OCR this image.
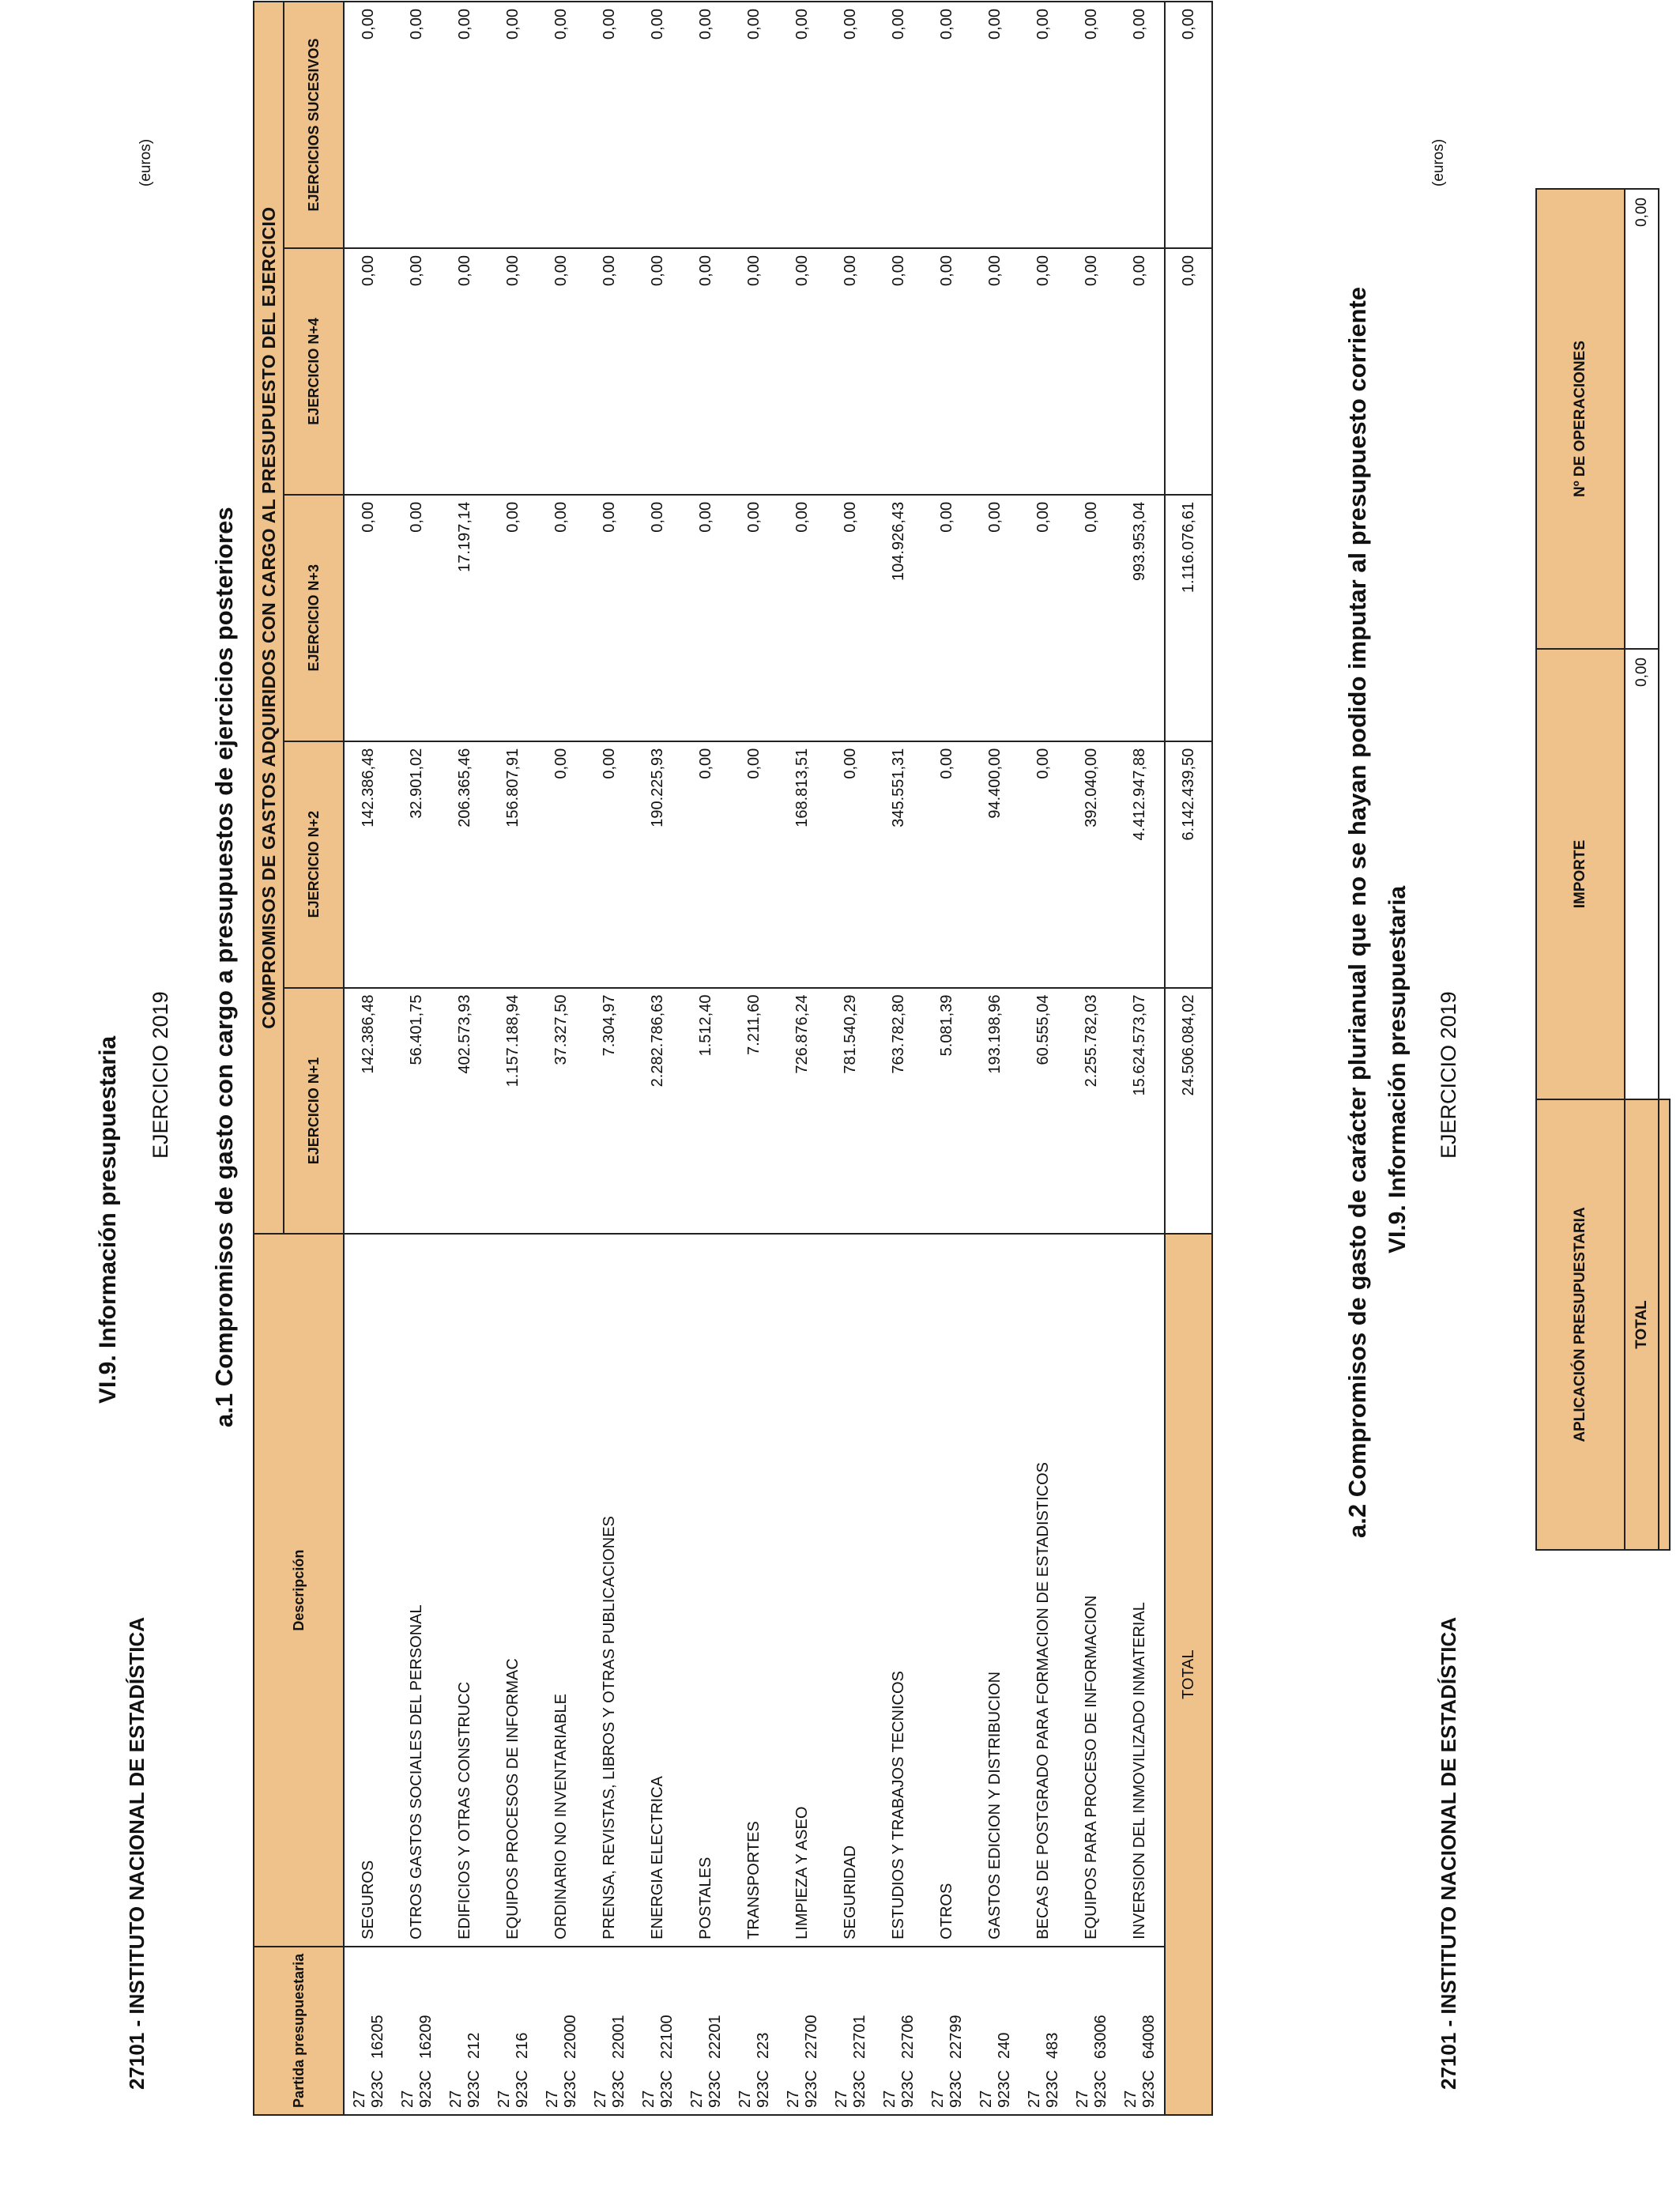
27101 - INSTITUTO NACIONAL DE ESTADÍSTICA
VI.9. Información presupuestaria EJERCICIO 2019
(euros)
a.1 Compromisos de gasto con cargo a presupuestos de ejercicios posteriores
Partida presupuestaria	Descripción	COMPROMISOS DE GASTOS ADQUIRIDOS CON CARGO AL PRESUPUESTO DEL EJERCICIO				
		EJERCICIO N+1	EJERCICIO N+2	EJERCICIO N+3	EJERCICIO N+4	EJERCICIOS SUCESIVOS
27 923C16205	SEGUROS	142.386,48	142.386,48	0,00	0,00	0,00
27 923C16209	OTROS GASTOS SOCIALES DEL PERSONAL	56.401,75	32.901,02	0,00	0,00	0,00
27 923C212	EDIFICIOS Y OTRAS CONSTRUCC	402.573,93	206.365,46	17.197,14	0,00	0,00
27 923C216	EQUIPOS PROCESOS DE INFORMAC	1.157.188,94	156.807,91	0,00	0,00	0,00
27 923C22000	ORDINARIO NO INVENTARIABLE	37.327,50	0,00	0,00	0,00	0,00
27 923C22001	PRENSA, REVISTAS, LIBROS Y OTRAS PUBLICACIONES	7.304,97	0,00	0,00	0,00	0,00
27 923C22100	ENERGIA ELECTRICA	2.282.786,63	190.225,93	0,00	0,00	0,00
27 923C22201	POSTALES	1.512,40	0,00	0,00	0,00	0,00
27 923C223	TRANSPORTES	7.211,60	0,00	0,00	0,00	0,00
27 923C22700	LIMPIEZA Y ASEO	726.876,24	168.813,51	0,00	0,00	0,00
27 923C22701	SEGURIDAD	781.540,29	0,00	0,00	0,00	0,00
27 923C22706	ESTUDIOS Y TRABAJOS TECNICOS	763.782,80	345.551,31	104.926,43	0,00	0,00
27 923C22799	OTROS	5.081,39	0,00	0,00	0,00	0,00
27 923C240	GASTOS EDICION Y DISTRIBUCION	193.198,96	94.400,00	0,00	0,00	0,00
27 923C483	BECAS DE POSTGRADO PARA FORMACION DE ESTADISTICOS	60.555,04	0,00	0,00	0,00	0,00
27 923C63006	EQUIPOS PARA PROCESO DE INFORMACION	2.255.782,03	392.040,00	0,00	0,00	0,00
27 923C64008	INVERSION DEL INMOVILIZADO INMATERIAL	15.624.573,07	4.412.947,88	993.953,04	0,00	0,00
TOTAL		24.506.084,02	6.142.439,50	1.116.076,61	0,00	0,00
a.2 Compromisos de gasto de carácter plurianual que no se hayan podido imputar al presupuesto corriente VI.9. Información presupuestaria
27101 - INSTITUTO NACIONAL DE ESTADÍSTICA
EJERCICIO 2019
(euros)
APLICACIÓN PRESUPUESTARIA	IMPORTE	Nº DE OPERACIONES
TOTAL	0,00	0,00
